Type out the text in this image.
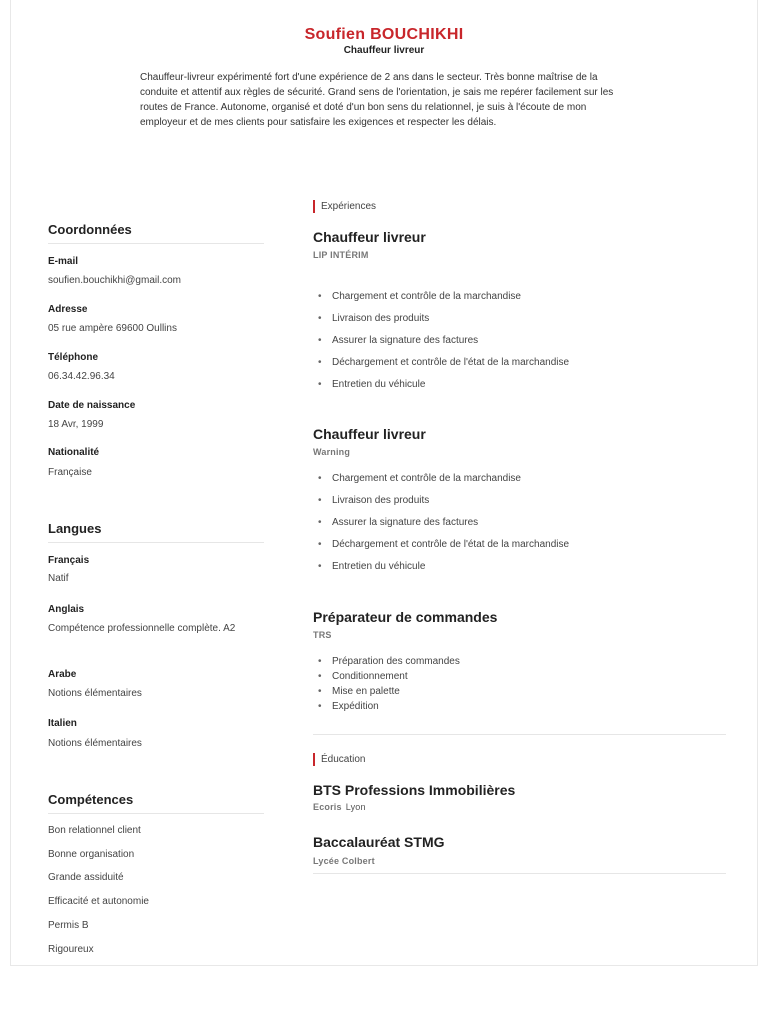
Soufien BOUCHIKHI
Chauffeur livreur
Chauffeur-livreur expérimenté fort d'une expérience de 2 ans dans le secteur. Très bonne maîtrise de la conduite et attentif aux règles de sécurité. Grand sens de l'orientation, je sais me repérer facilement sur les routes de France. Autonome, organisé et doté d'un bon sens du relationnel, je suis à l'écoute de mon employeur et de mes clients pour satisfaire les exigences et respecter les délais.
Coordonnées
E-mail
soufien.bouchikhi@gmail.com
Adresse
05 rue ampère 69600 Oullins
Téléphone
06.34.42.96.34
Date de naissance
18 Avr, 1999
Nationalité
Française
Langues
Français
Natif
Anglais
Compétence professionnelle complète. A2
Arabe
Notions élémentaires
Italien
Notions élémentaires
Compétences
Bon relationnel client
Bonne organisation
Grande assiduité
Efficacité et autonomie
Permis B
Rigoureux
Expériences
Chauffeur livreur
LIP INTÉRIM
• Chargement et contrôle de la marchandise
• Livraison des produits
• Assurer la signature des factures
• Déchargement et contrôle de l'état de la marchandise
• Entretien du véhicule
Chauffeur livreur
Warning
• Chargement et contrôle de la marchandise
• Livraison des produits
• Assurer la signature des factures
• Déchargement et contrôle de l'état de la marchandise
• Entretien du véhicule
Préparateur de commandes
TRS
• Préparation des commandes
• Conditionnement
• Mise en palette
• Expédition
Éducation
BTS Professions Immobilières
Ecoris Lyon
Baccalauréat STMG
Lycée Colbert
